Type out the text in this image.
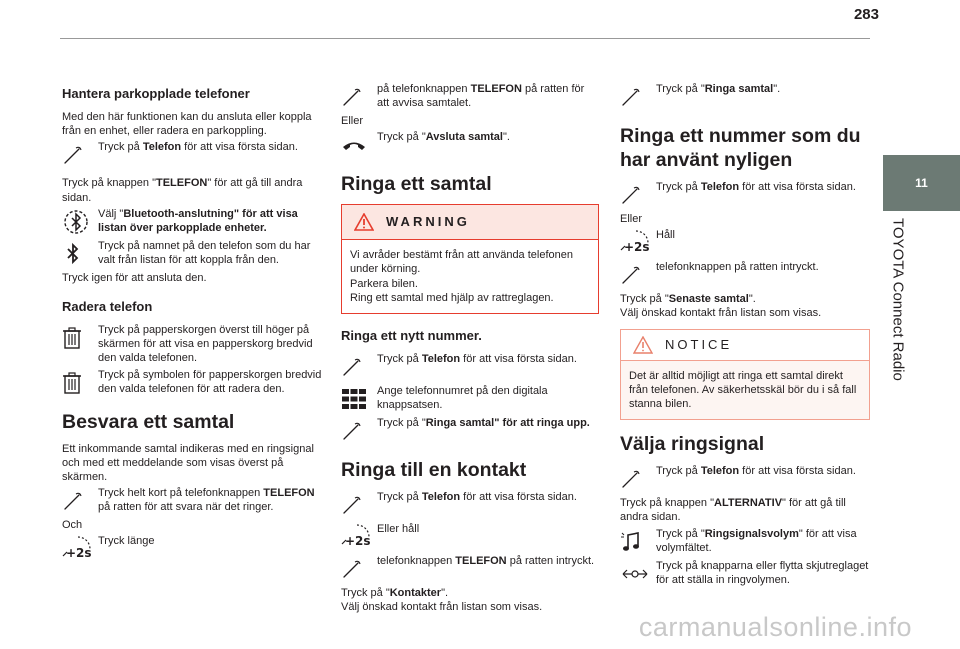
283
11
TOYOTA Connect Radio
Hantera parkopplade telefoner

Med den här funktionen kan du ansluta eller koppla från en enhet, eller radera en parkoppling.

Tryck på Telefon för att visa första sidan.

Tryck på knappen "TELEFON" för att gå till andra sidan.

Välj "Bluetooth-anslutning" för att visa listan över parkopplade enheter.
Tryck på namnet på den telefon som du har valt från listan för att koppla från den.

Tryck igen för att ansluta den.

Radera telefon
Tryck på papperskorgen överst till höger på skärmen för att visa en papperskorg bredvid den valda telefonen.
Tryck på symbolen för papperskorgen bredvid den valda telefonen för att radera den.
Besvara ett samtal

Ett inkommande samtal indikeras med en ringsignal och med ett meddelande som visas överst på skärmen.

Tryck helt kort på telefonknappen TELEFON på ratten för att svara när det ringer.

Och

+2s
Tryck länge
på telefonknappen TELEFON på ratten för att avvisa samtalet.

Eller

Tryck på "Avsluta samtal".
Ringa ett samtal
WARNING

Vi avråder bestämt från att använda telefonen under körning.

Parkera bilen.

Ring ett samtal med hjälp av rattreglagen.

Ringa ett nytt nummer.
Tryck på Telefon för att visa första sidan.
Ange telefonnumret på den digitala knappsatsen.
Tryck på "Ringa samtal" för att ringa upp.
Ringa till en kontakt
Tryck på Telefon för att visa första sidan.
+2s
Eller håll
telefonknappen TELEFON på ratten intryckt.

Tryck på "Kontakter".

Välj önskad kontakt från listan som visas.

Tryck på "Ringa samtal".
Ringa ett nummer som du har använt nyligen
Tryck på Telefon för att visa första sidan.

Eller

+2s
Håll
telefonknappen på ratten intryckt.

Tryck på "Senaste samtal".

Välj önskad kontakt från listan som visas.

NOTICE

Det är alltid möjligt att ringa ett samtal direkt från telefonen. Av säkerhetsskäl bör du i så fall stanna bilen.

Välja ringsignal
Tryck på Telefon för att visa första sidan.

Tryck på knappen "ALTERNATIV" för att gå till andra sidan.

Tryck på "Ringsignalsvolym" för att visa volymfältet.
Tryck på knapparna eller flytta skjutreglaget för att ställa in ringvolymen.
carmanualsonline.info
